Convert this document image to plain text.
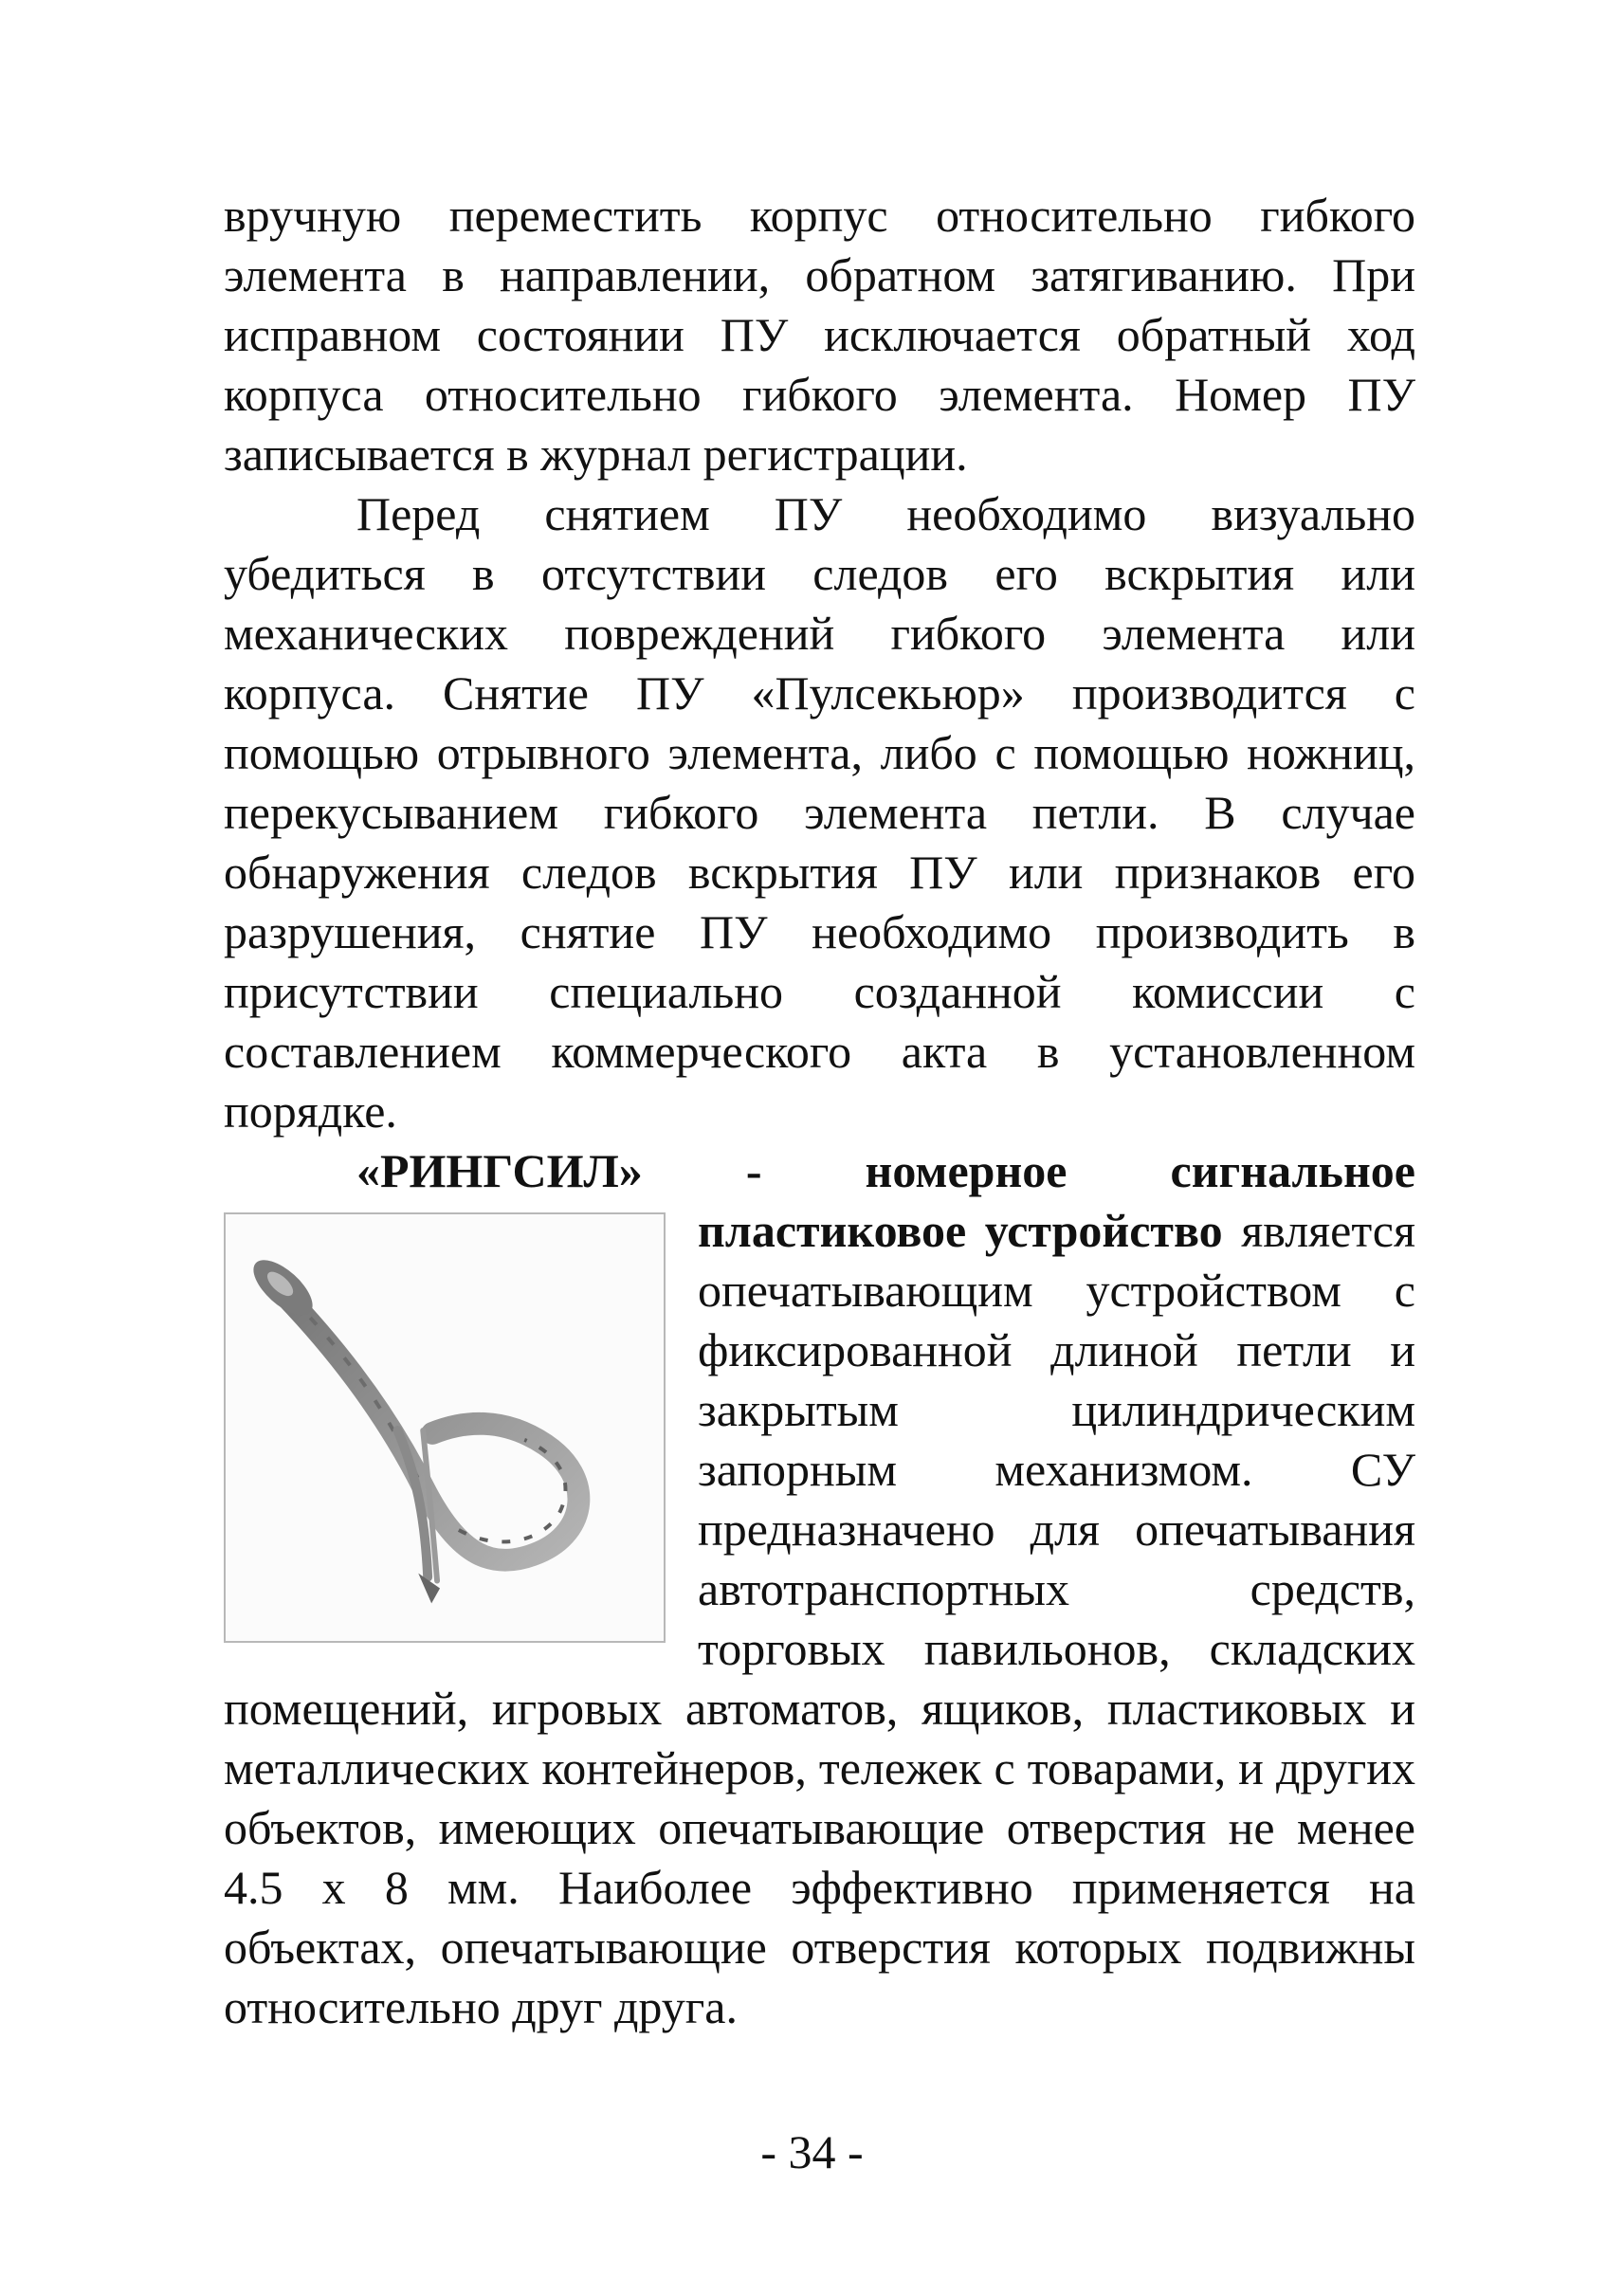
вручную переместить корпус относительно гибкого элемента в направлении, обратном затягиванию. При исправном состоянии ПУ исключается обратный ход корпуса относительно гибкого элемента. Номер ПУ записывается в журнал регистрации.

Перед снятием ПУ необходимо визуально убедиться в отсутствии следов его вскрытия или механических повреждений гибкого элемента или корпуса. Снятие ПУ «Пулсекьюр» производится с помощью отрывного элемента, либо с помощью ножниц, перекусыванием гибкого элемента петли. В случае обнаружения следов вскрытия ПУ или признаков его разрушения, снятие ПУ необходимо производить в присутствии специально созданной комиссии с составлением коммерческого акта в установленном порядке.

«РИНГСИЛ» - номерное сигнальное пластиковое устройство
является опечатывающим устройством с фиксированной длиной петли и закрытым цилиндрическим запорным механизмом. СУ предназначено для опечатывания автотранспортных средств, торговых павильонов, складских помещений, игровых автоматов, ящиков, пластиковых и металлических контейнеров, тележек с товарами, и других объектов, имеющих опечатывающие отверстия не менее 4.5 х 8 мм. Наиболее эффективно применяется на объектах, опечатывающие отверстия которых подвижны относительно друг друга.

- 34 -
